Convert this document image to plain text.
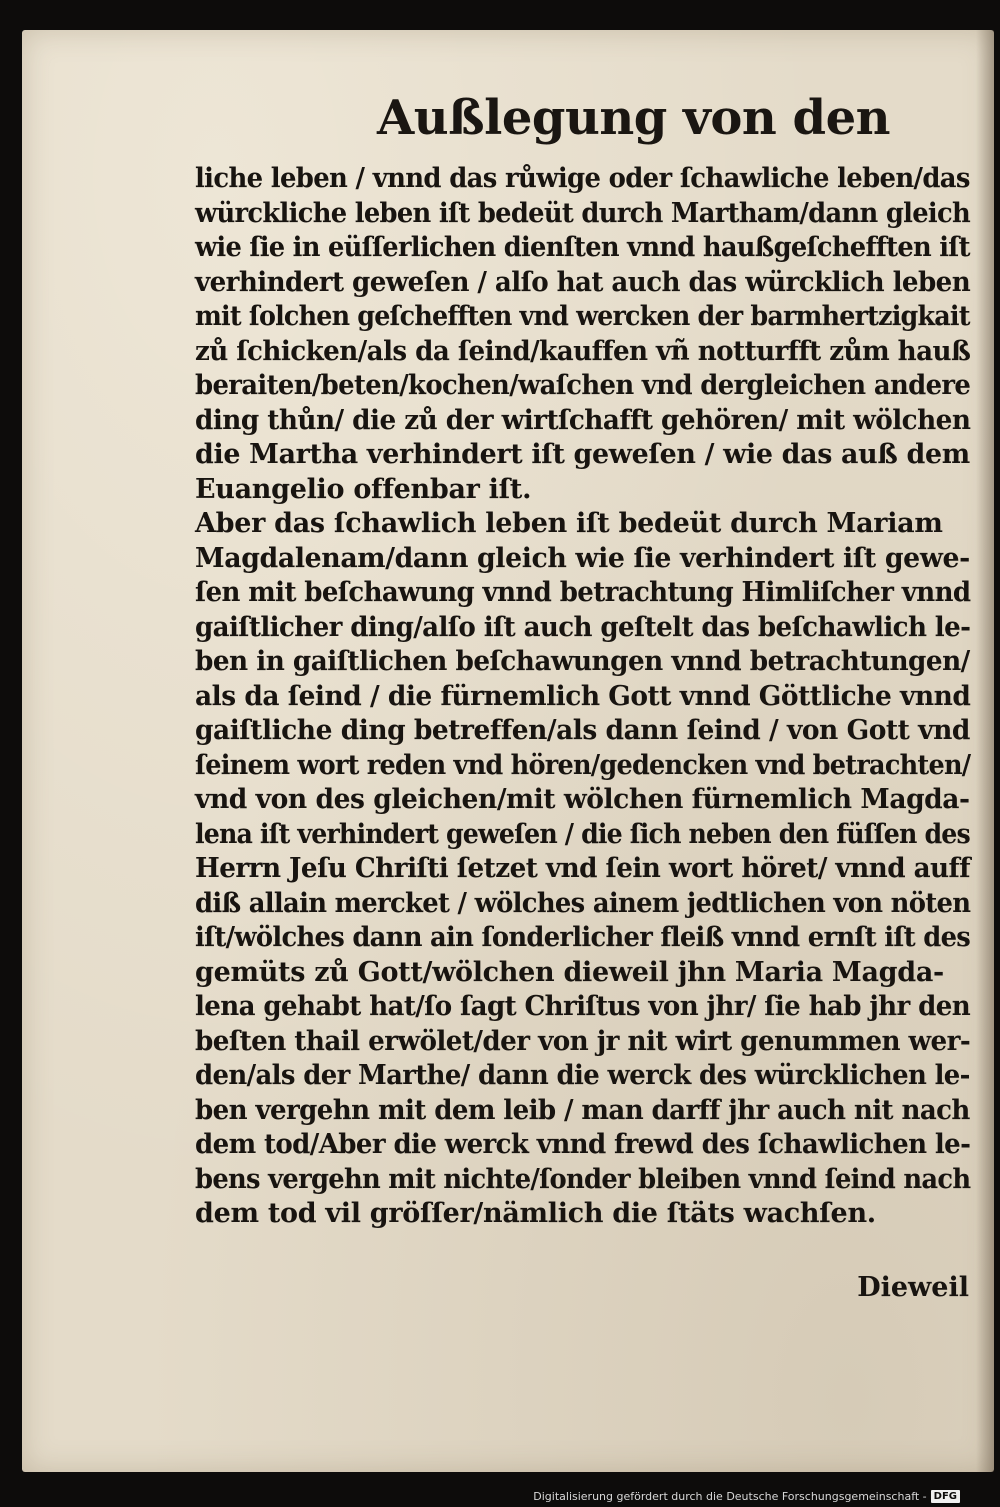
Außlegung von den
liche leben / vnnd das růwige oder ſchawliche leben/das
würckliche leben iſt bedeüt durch Martham/dann gleich
wie ſie in eüſſerlichen dienſten vnnd haußgeſchefften iſt
verhindert geweſen / alſo hat auch das würcklich leben
mit ſolchen geſchefften vnd wercken der barmhertzigkait
zů ſchicken/als da ſeind/kauffen vñ notturfft zům hauß
beraiten/beten/kochen/waſchen vnd dergleichen andere
ding thůn/ die zů der wirtſchafft gehören/ mit wölchen
die Martha verhindert iſt geweſen / wie das auß dem
Euangelio offenbar iſt.
Aber das ſchawlich leben iſt bedeüt durch Mariam
Magdalenam/dann gleich wie ſie verhindert iſt gewe-
ſen mit beſchawung vnnd betrachtung Himliſcher vnnd
gaiſtlicher ding/alſo iſt auch geſtelt das beſchawlich le-
ben in gaiſtlichen beſchawungen vnnd betrachtungen/
als da ſeind / die fürnemlich Gott vnnd Göttliche vnnd
gaiſtliche ding betreffen/als dann ſeind / von Gott vnd
ſeinem wort reden vnd hören/gedencken vnd betrachten/
vnd von des gleichen/mit wölchen fürnemlich Magda-
lena iſt verhindert geweſen / die ſich neben den füſſen des
Herrn Jeſu Chriſti ſetzet vnd ſein wort höret/ vnnd auff
diß allain mercket / wölches ainem jedtlichen von nöten
iſt/wölches dann ain ſonderlicher fleiß vnnd ernſt iſt des
gemüts zů Gott/wölchen dieweil jhn Maria Magda-
lena gehabt hat/ſo ſagt Chriſtus von jhr/ ſie hab jhr den
beſten thail erwölet/der von jr nit wirt genummen wer-
den/als der Marthe/ dann die werck des würcklichen le-
ben vergehn mit dem leib / man darff jhr auch nit nach
dem tod/Aber die werck vnnd frewd des ſchawlichen le-
bens vergehn mit nichte/ſonder bleiben vnnd ſeind nach
dem tod vil gröſſer/nämlich die ſtäts wachſen.
Dieweil
Digitalisierung gefördert durch die Deutsche Forschungsgemeinschaft - DFG
